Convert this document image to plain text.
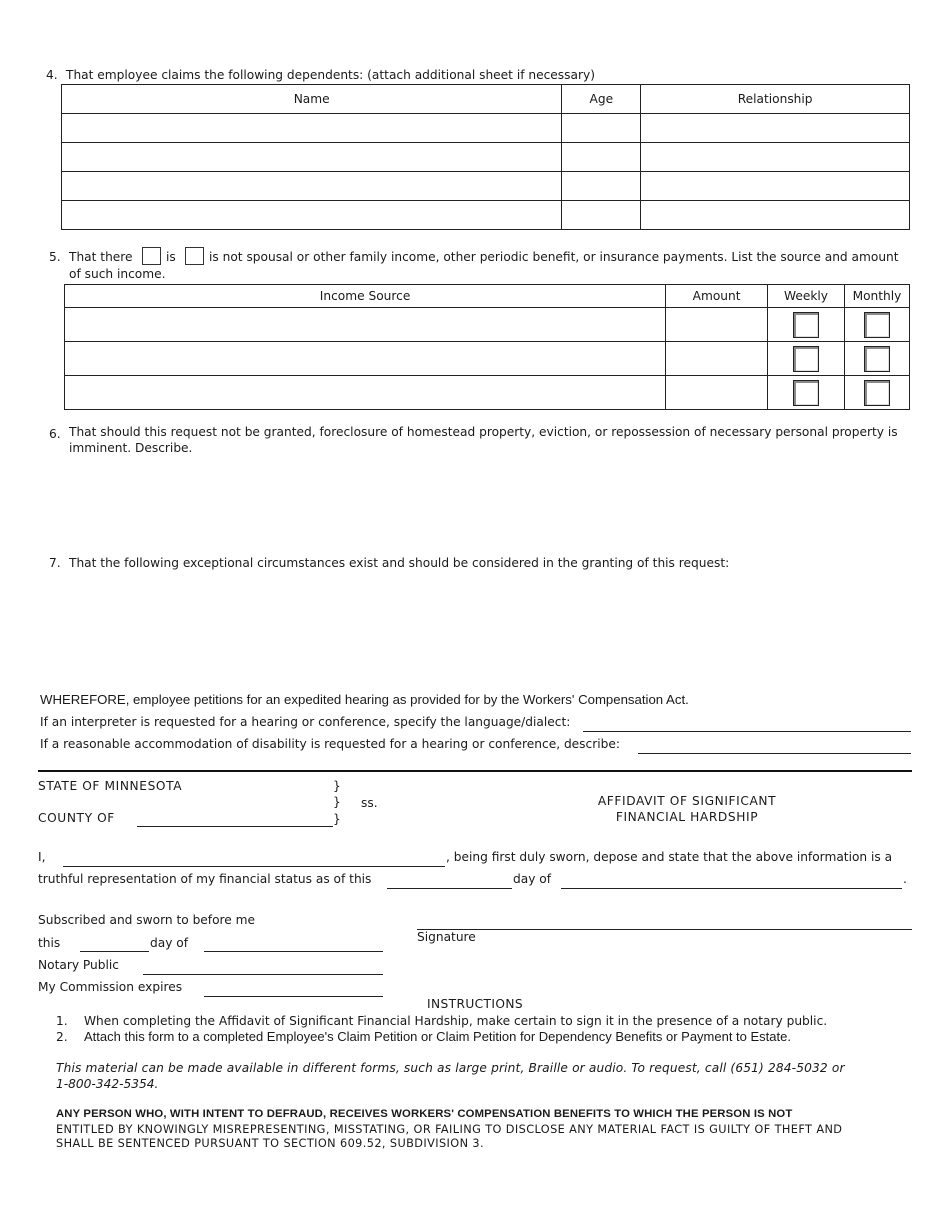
4. That employee claims the following dependents: (attach additional sheet if necessary)
Name	Age	Relationship

5. That there	is	is not spousal or other family income, other periodic benefit, or insurance payments. List the source and amount
of such income.
Income Source	Amount	Weekly	Monthly

6. That should this request not be granted, foreclosure of homestead property, eviction, or repossession of necessary personal property is
imminent. Describe.
7. That the following exceptional circumstances exist and should be considered in the granting of this request:
WHEREFORE, employee petitions for an expedited hearing as provided for by the Workers' Compensation Act.
If an interpreter is requested for a hearing or conference, specify the language/dialect:
If a reasonable accommodation of disability is requested for a hearing or conference, describe:
STATE OF MINNESOTA	}
} ss.
COUNTY OF	}
AFFIDAVIT OF SIGNIFICANT
FINANCIAL HARDSHIP
I,	, being first duly sworn, depose and state that the above information is a
truthful representation of my financial status as of this	day of	.
Subscribed and sworn to before me
this	day of
Notary Public
My Commission expires
Signature
INSTRUCTIONS
1. When completing the Affidavit of Significant Financial Hardship, make certain to sign it in the presence of a notary public.
2. Attach this form to a completed Employee's Claim Petition or Claim Petition for Dependency Benefits or Payment to Estate.
This material can be made available in different forms, such as large print, Braille or audio. To request, call (651) 284-5032 or
1-800-342-5354.
ANY PERSON WHO, WITH INTENT TO DEFRAUD, RECEIVES WORKERS' COMPENSATION BENEFITS TO WHICH THE PERSON IS NOT
ENTITLED BY KNOWINGLY MISREPRESENTING, MISSTATING, OR FAILING TO DISCLOSE ANY MATERIAL FACT IS GUILTY OF THEFT AND
SHALL BE SENTENCED PURSUANT TO SECTION 609.52, SUBDIVISION 3.
